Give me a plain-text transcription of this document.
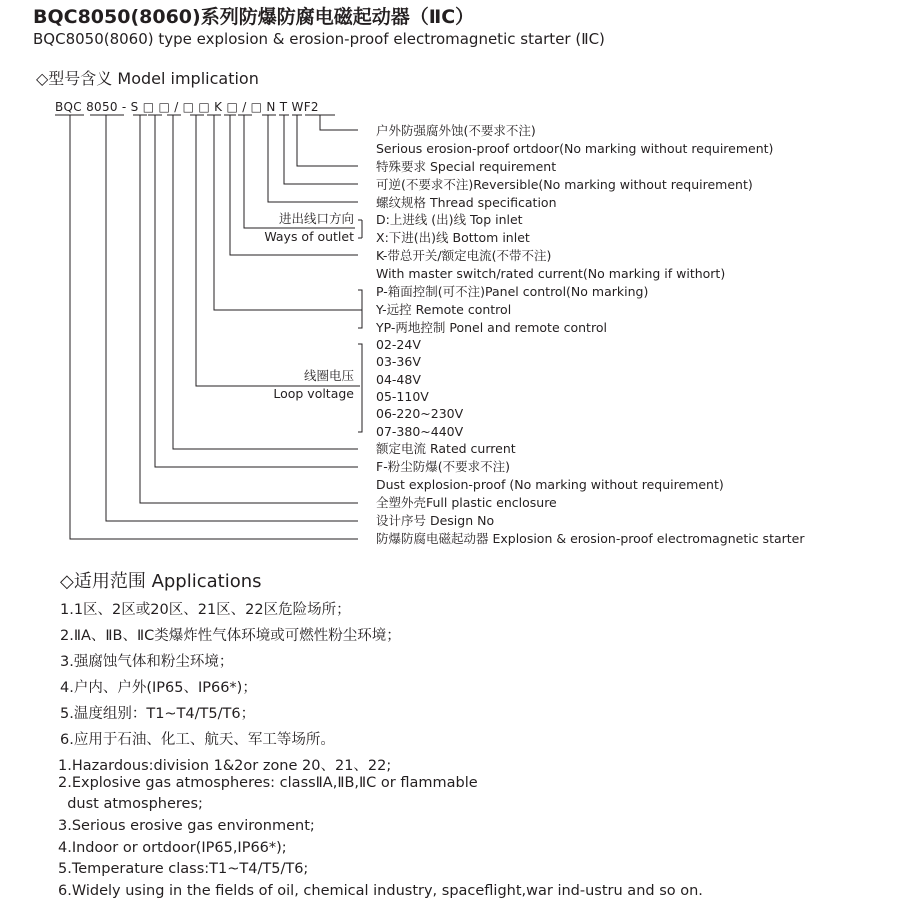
BQC8050(8060)系列防爆防腐电磁起动器（ⅡC）
BQC8050(8060) type explosion & erosion-proof electromagnetic starter (ⅡC)
◇型号含义 Model implication
BQC 8050 - S □ □ / □ □ K □ / □ N T WF2
户外防强腐外蚀(不要求不注)
Serious erosion-proof ortdoor(No marking without requirement)
特殊要求 Special requirement
可逆(不要求不注)Reversible(No marking without requirement)
螺纹规格 Thread specification
D:上进线 (出)线 Top inlet
X:下进(出)线 Bottom inlet
K-带总开关/额定电流(不带不注)
With master switch/rated current(No marking if withort)
P-箱面控制(可不注)Panel control(No marking)
Y-远控 Remote control
YP-两地控制 Ponel and remote control
02-24V
03-36V
04-48V
05-110V
06-220~230V
07-380~440V
额定电流 Rated current
F-粉尘防爆(不要求不注)
Dust explosion-proof (No marking without requirement)
全塑外壳Full plastic enclosure
设计序号 Design No
防爆防腐电磁起动器 Explosion & erosion-proof electromagnetic starter
进出线口方向
Ways of outlet
线圈电压
Loop voltage
◇适用范围 Applications
1.1区、2区或20区、21区、22区危险场所；
2.ⅡA、ⅡB、ⅡC类爆炸性气体环境或可燃性粉尘环境；
3.强腐蚀气体和粉尘环境；
4.户内、户外(IP65、IP66*)；
5.温度组别：T1~T4/T5/T6；
6.应用于石油、化工、航天、军工等场所。
1.Hazardous:division 1&2or zone 20、21、22;
2.Explosive gas atmospheres: classⅡA,ⅡB,ⅡC or flammable
dust atmospheres;
3.Serious erosive gas environment;
4.Indoor or ortdoor(IP65,IP66*);
5.Temperature class:T1~T4/T5/T6;
6.Widely using in the fields of oil, chemical industry, spaceflight,war ind-ustru and so on.
